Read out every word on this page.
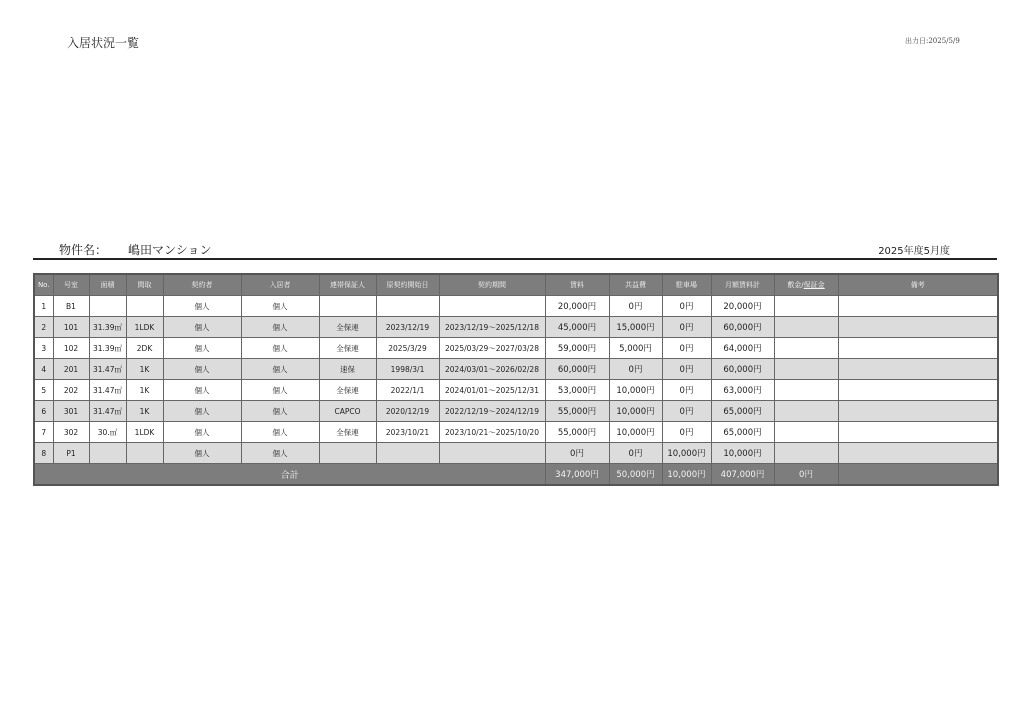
入居状況一覧	出力日:2025/5/9
物件名： 嶋田マンション	2025年度5月度
No.	号室	面積	間取	契約者	入居者	連帯保証人	原契約開始日	契約期間	賃料	共益費	駐車場	月額賃料計	敷金/保証金	備考
1	B1			個人	個人				20,000円	0円	0円	20,000円		
2	101	31.39㎡	1LDK	個人	個人	全保連	2023/12/19	2023/12/19～2025/12/18	45,000円	15,000円	0円	60,000円		
3	102	31.39㎡	2DK	個人	個人	全保連	2025/3/29	2025/03/29～2027/03/28	59,000円	5,000円	0円	64,000円		
4	201	31.47㎡	1K	個人	個人	速保	1998/3/1	2024/03/01～2026/02/28	60,000円	0円	0円	60,000円		
5	202	31.47㎡	1K	個人	個人	全保連	2022/1/1	2024/01/01～2025/12/31	53,000円	10,000円	0円	63,000円		
6	301	31.47㎡	1K	個人	個人	CAPCO	2020/12/19	2022/12/19～2024/12/19	55,000円	10,000円	0円	65,000円		
7	302	30.㎡	1LDK	個人	個人	全保連	2023/10/21	2023/10/21～2025/10/20	55,000円	10,000円	0円	65,000円		
8	P1			個人	個人				0円	0円	10,000円	10,000円		
合計									347,000円	50,000円	10,000円	407,000円	0円	
